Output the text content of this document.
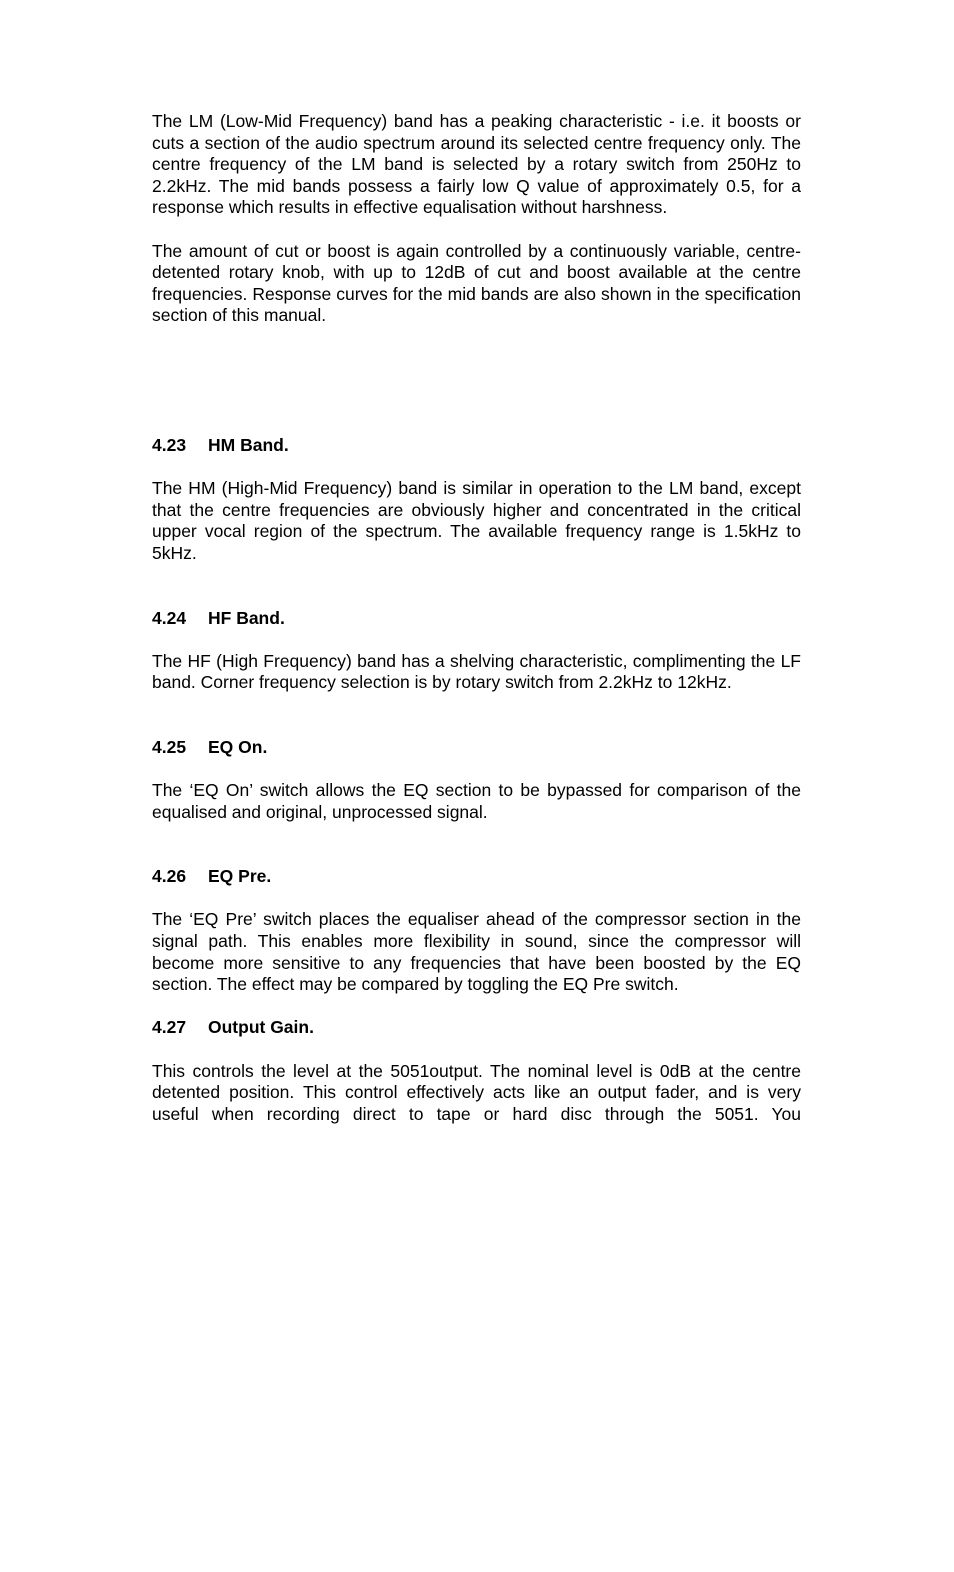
The LM (Low-Mid Frequency) band has a peaking characteristic - i.e. it boosts or cuts a section of the audio spectrum around its selected centre frequency only. The centre frequency of the LM band is selected by a rotary switch from 250Hz to 2.2kHz. The mid bands possess a fairly low Q value of approximately 0.5, for a response which results in effective equalisation without harshness.

The amount of cut or boost is again controlled by a continuously variable, centre-detented rotary knob, with up to 12dB of cut and boost available at the centre frequencies. Response curves for the mid bands are also shown in the specification section of this manual.

4.23 HM Band.

The HM (High-Mid Frequency) band is similar in operation to the LM band, except that the centre frequencies are obviously higher and concentrated in the critical upper vocal region of the spectrum. The available frequency range is 1.5kHz to 5kHz.

4.24 HF Band.

The HF (High Frequency) band has a shelving characteristic, complimenting the LF band. Corner frequency selection is by rotary switch from 2.2kHz to 12kHz.

4.25 EQ On.

The ‘EQ On’ switch allows the EQ section to be bypassed for comparison of the equalised and original, unprocessed signal.

4.26 EQ Pre.

The ‘EQ Pre’ switch places the equaliser ahead of the compressor section in the signal path. This enables more flexibility in sound, since the compressor will become more sensitive to any frequencies that have been boosted by the EQ section. The effect may be compared by toggling the EQ Pre switch.

4.27 Output Gain.

This controls the level at the 5051output. The nominal level is 0dB at the centre detented position. This control effectively acts like an output fader, and is very useful when recording direct to tape or hard disc through the 5051. You
